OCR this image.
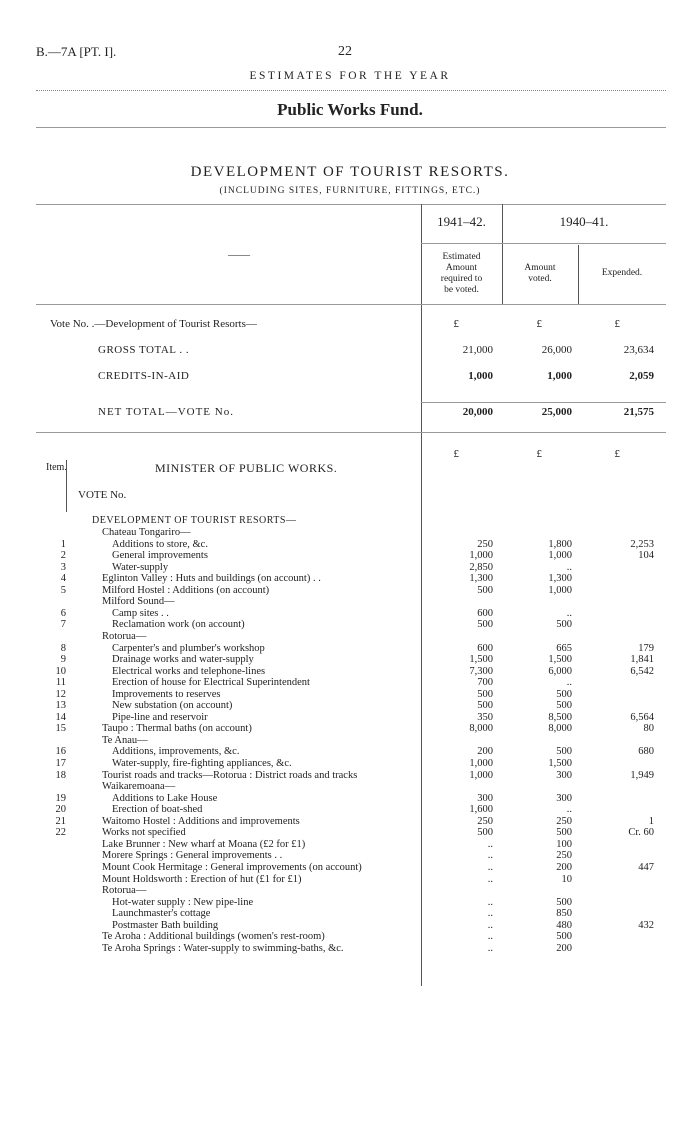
B.—7A [PT. I].	22
ESTIMATES FOR THE YEAR
Public Works Fund.
DEVELOPMENT OF TOURIST RESORTS.
(INCLUDING SITES, FURNITURE, FITTINGS, ETC.)
1941–42.	1940–41.
——	Estimated
Amount
required to
be voted.
Amount
voted.
Expended.
Vote No. .—Development of Tourist Resorts—	£	£	£
GROSS TOTAL . .	21,000	26,000	23,634
CREDITS-IN-AID	1,000	1,000	2,059
NET TOTAL—VOTE No.	20,000	25,000	21,575
£	£	£
Item.	MINISTER OF PUBLIC WORKS.
VOTE No.
DEVELOPMENT OF TOURIST RESORTS—
Chateau Tongariro—
1	Additions to store, &c.	250	1,800	2,253
2	General improvements	1,000	1,000	104
3	Water-supply	2,850	..
4	Eglinton Valley : Huts and buildings (on account) . .	1,300	1,300
5	Milford Hostel : Additions (on account)	500	1,000
Milford Sound—
6	Camp sites . .	600	..
7	Reclamation work (on account)	500	500
Rotorua—
8	Carpenter's and plumber's workshop	600	665	179
9	Drainage works and water-supply	1,500	1,500	1,841
10	Electrical works and telephone-lines	7,300	6,000	6,542
11	Erection of house for Electrical Superintendent	700	..
12	Improvements to reserves	500	500
13	New substation (on account)	500	500
14	Pipe-line and reservoir	350	8,500	6,564
15	Taupo : Thermal baths (on account)	8,000	8,000	80
Te Anau—
16	Additions, improvements, &c.	200	500	680
17	Water-supply, fire-fighting appliances, &c.	1,000	1,500
18	Tourist roads and tracks—Rotorua : District roads and tracks	1,000	300	1,949
Waikaremoana—
19	Additions to Lake House	300	300
20	Erection of boat-shed	1,600	..
21	Waitomo Hostel : Additions and improvements	250	250	1
22	Works not specified	500	500	Cr. 60
Lake Brunner : New wharf at Moana (£2 for £1)	..	100
Morere Springs : General improvements . .	..	250
Mount Cook Hermitage : General improvements (on account)	..	200	447
Mount Holdsworth : Erection of hut (£1 for £1)	..	10
Rotorua—
Hot-water supply : New pipe-line	..	500
Launchmaster's cottage	..	850
Postmaster Bath building	..	480	432
Te Aroha : Additional buildings (women's rest-room)	..	500
Te Aroha Springs : Water-supply to swimming-baths, &c.	..	200
